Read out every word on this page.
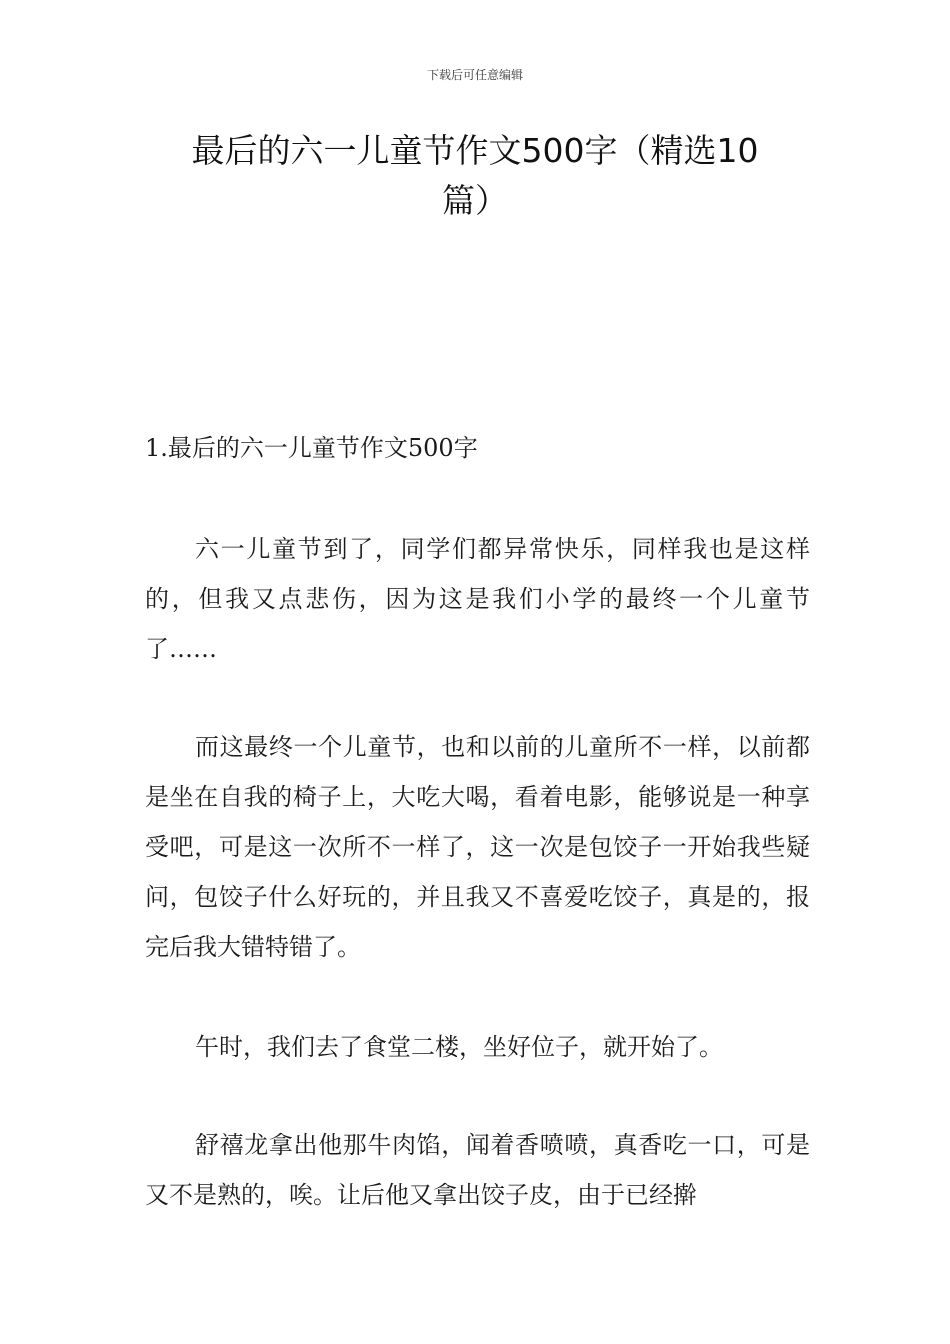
下载后可任意编辑
最后的六一儿童节作文500字（精选10
篇）
1.最后的六一儿童节作文500字
六一儿童节到了，同学们都异常快乐，同样我也是这样的，但我又点悲伤，因为这是我们小学的最终一个儿童节了……
而这最终一个儿童节，也和以前的儿童所不一样，以前都是坐在自我的椅子上，大吃大喝，看着电影，能够说是一种享受吧，可是这一次所不一样了，这一次是包饺子一开始我些疑问，包饺子什么好玩的，并且我又不喜爱吃饺子，真是的，报完后我大错特错了。
午时，我们去了食堂二楼，坐好位子，就开始了。
舒禧龙拿出他那牛肉馅，闻着香喷喷，真香吃一口，可是又不是熟的，唉。让后他又拿出饺子皮，由于已经擀
